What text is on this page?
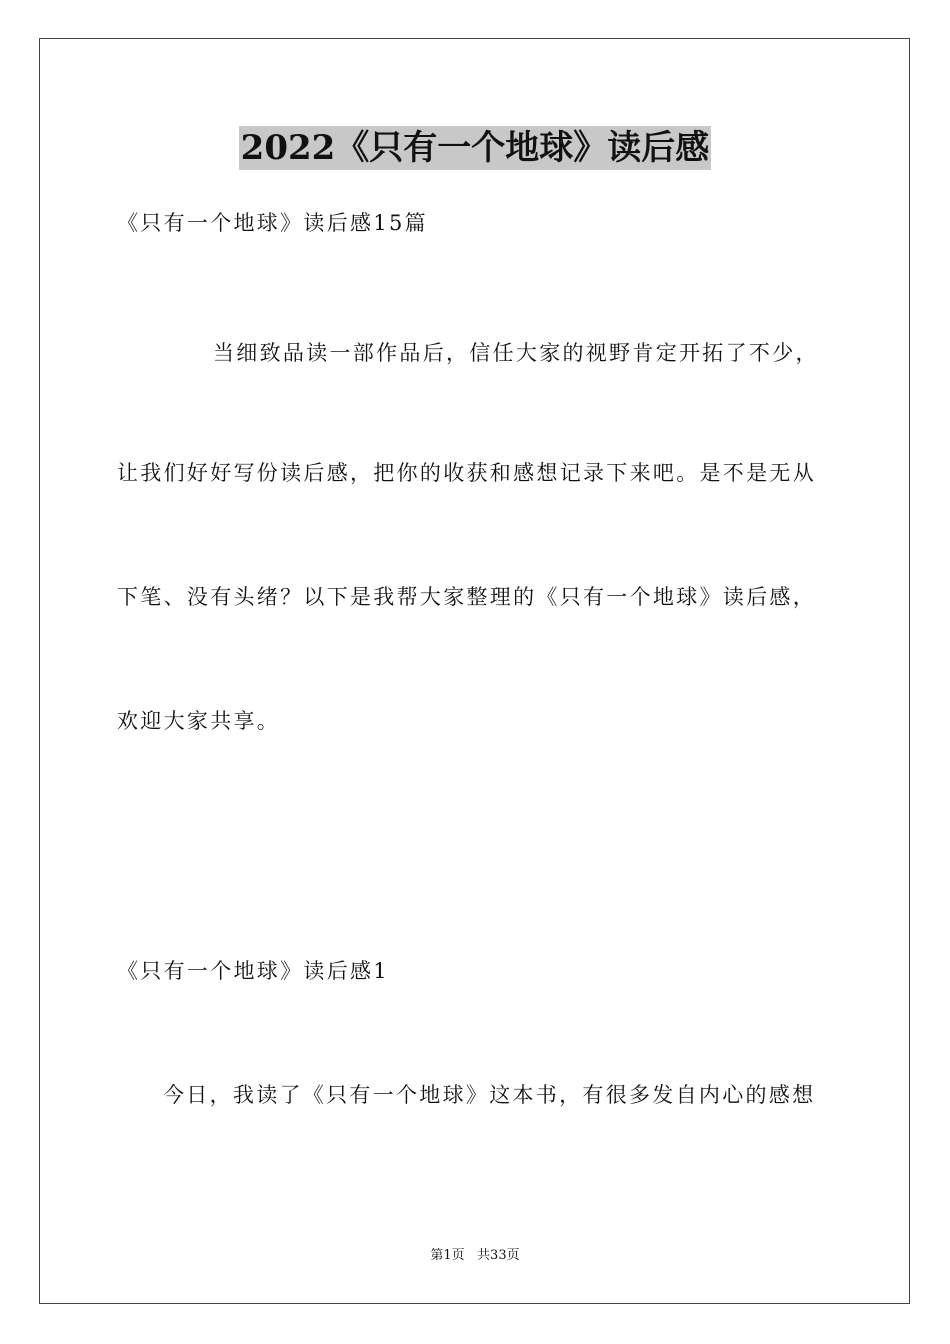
2022《只有一个地球》读后感
《只有一个地球》读后感15篇
当细致品读一部作品后，信任大家的视野肯定开拓了不少，
让我们好好写份读后感，把你的收获和感想记录下来吧。是不是无从
下笔、没有头绪？以下是我帮大家整理的《只有一个地球》读后感，
欢迎大家共享。
《只有一个地球》读后感1
今日，我读了《只有一个地球》这本书，有很多发自内心的感想
第1页   共33页
